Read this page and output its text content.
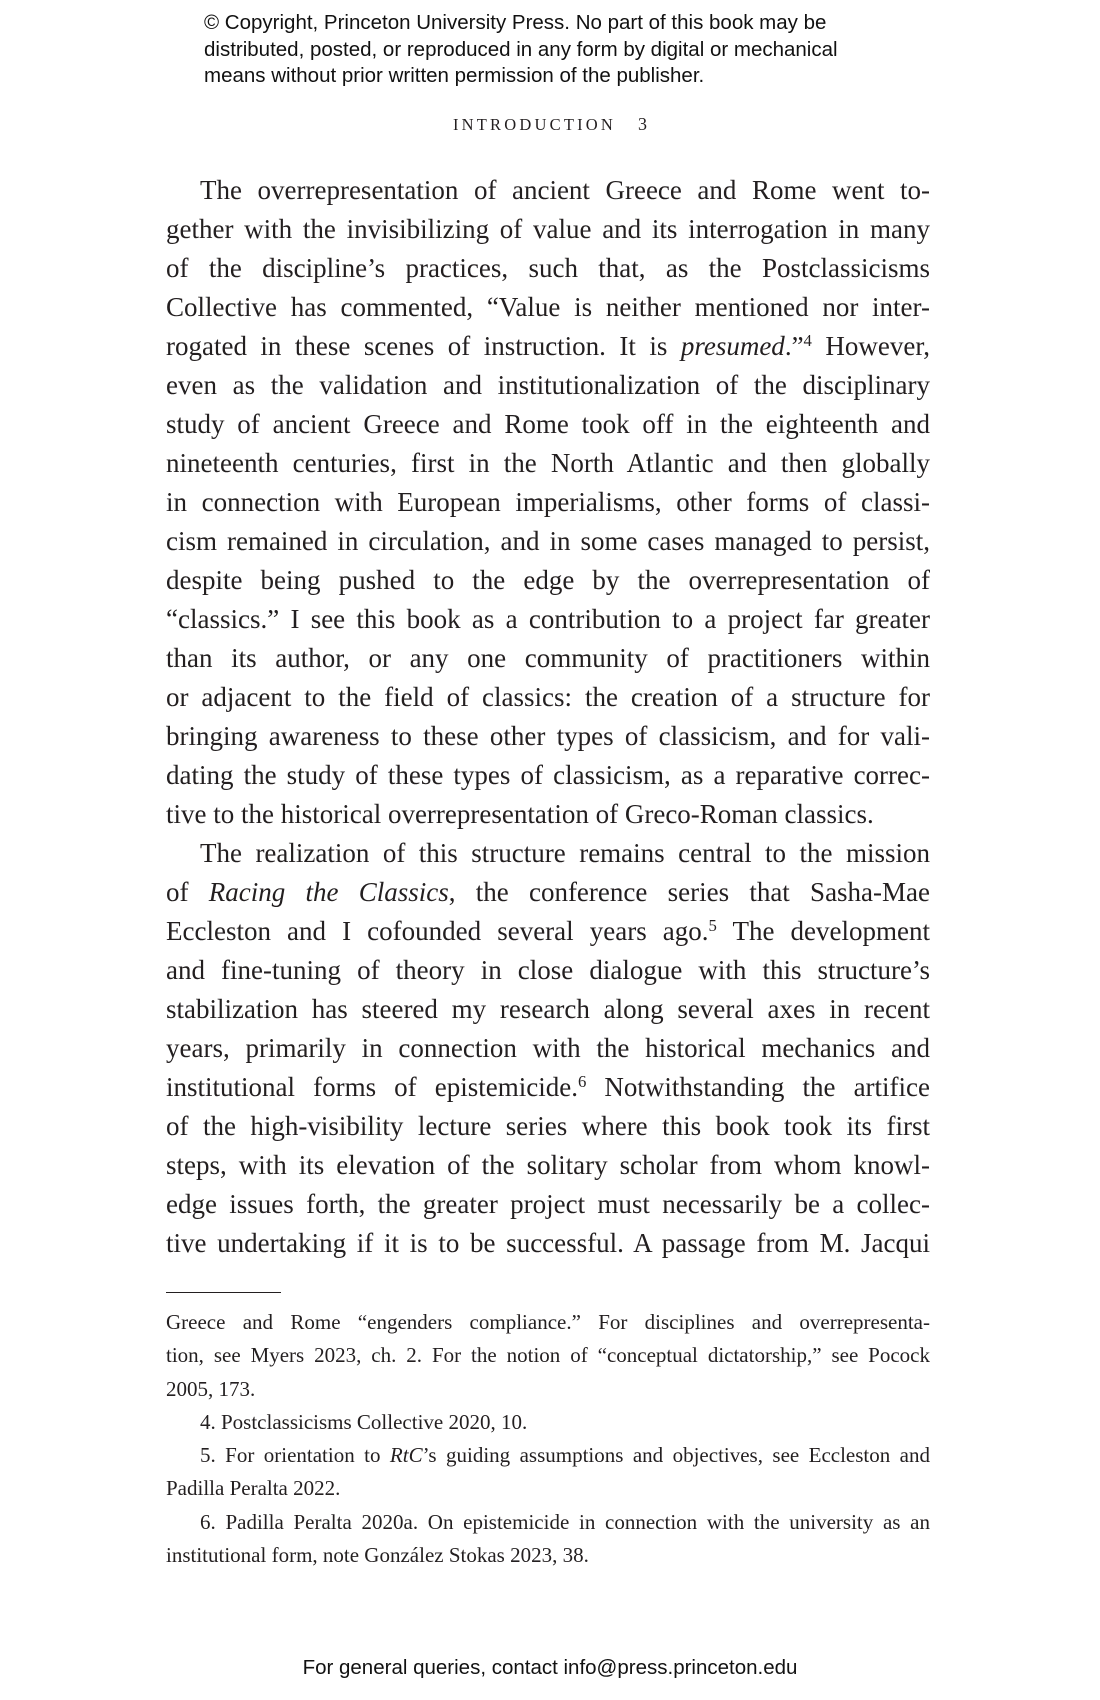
© Copyright, Princeton University Press. No part of this book may be
distributed, posted, or reproduced in any form by digital or mechanical
means without prior written permission of the publisher.
INTRODUCTION 3
The overrepresentation of ancient Greece and Rome went to-
gether with the invisibilizing of value and its interrogation in many
of the discipline’s practices, such that, as the Postclassicisms
Collective has commented, “Value is neither mentioned nor inter-
rogated in these scenes of instruction. It is presumed.”$^4$ However,
even as the validation and institutionalization of the disciplinary
study of ancient Greece and Rome took off in the eighteenth and
nineteenth centuries, first in the North Atlantic and then globally
in connection with European imperialisms, other forms of classi-
cism remained in circulation, and in some cases managed to persist,
despite being pushed to the edge by the overrepresentation of
“classics.” I see this book as a contribution to a project far greater
than its author, or any one community of practitioners within
or adjacent to the field of classics: the creation of a structure for
bringing awareness to these other types of classicism, and for vali-
dating the study of these types of classicism, as a reparative correc-
tive to the historical overrepresentation of Greco-Roman classics.
The realization of this structure remains central to the mission
of Racing the Classics, the conference series that Sasha-Mae
Eccleston and I cofounded several years ago.$^5$ The development
and fine-tuning of theory in close dialogue with this structure’s
stabilization has steered my research along several axes in recent
years, primarily in connection with the historical mechanics and
institutional forms of epistemicide.$^6$ Notwithstanding the artifice
of the high-visibility lecture series where this book took its first
steps, with its elevation of the solitary scholar from whom knowl-
edge issues forth, the greater project must necessarily be a collec-
tive undertaking if it is to be successful. A passage from M. Jacqui
Greece and Rome “engenders compliance.” For disciplines and overrepresenta-
tion, see Myers 2023, ch. 2. For the notion of “conceptual dictatorship,” see Pocock
2005, 173.
4. Postclassicisms Collective 2020, 10.
5. For orientation to RtC’s guiding assumptions and objectives, see Eccleston and
Padilla Peralta 2022.
6. Padilla Peralta 2020a. On epistemicide in connection with the university as an
institutional form, note González Stokas 2023, 38.
For general queries, contact info@press.princeton.edu
